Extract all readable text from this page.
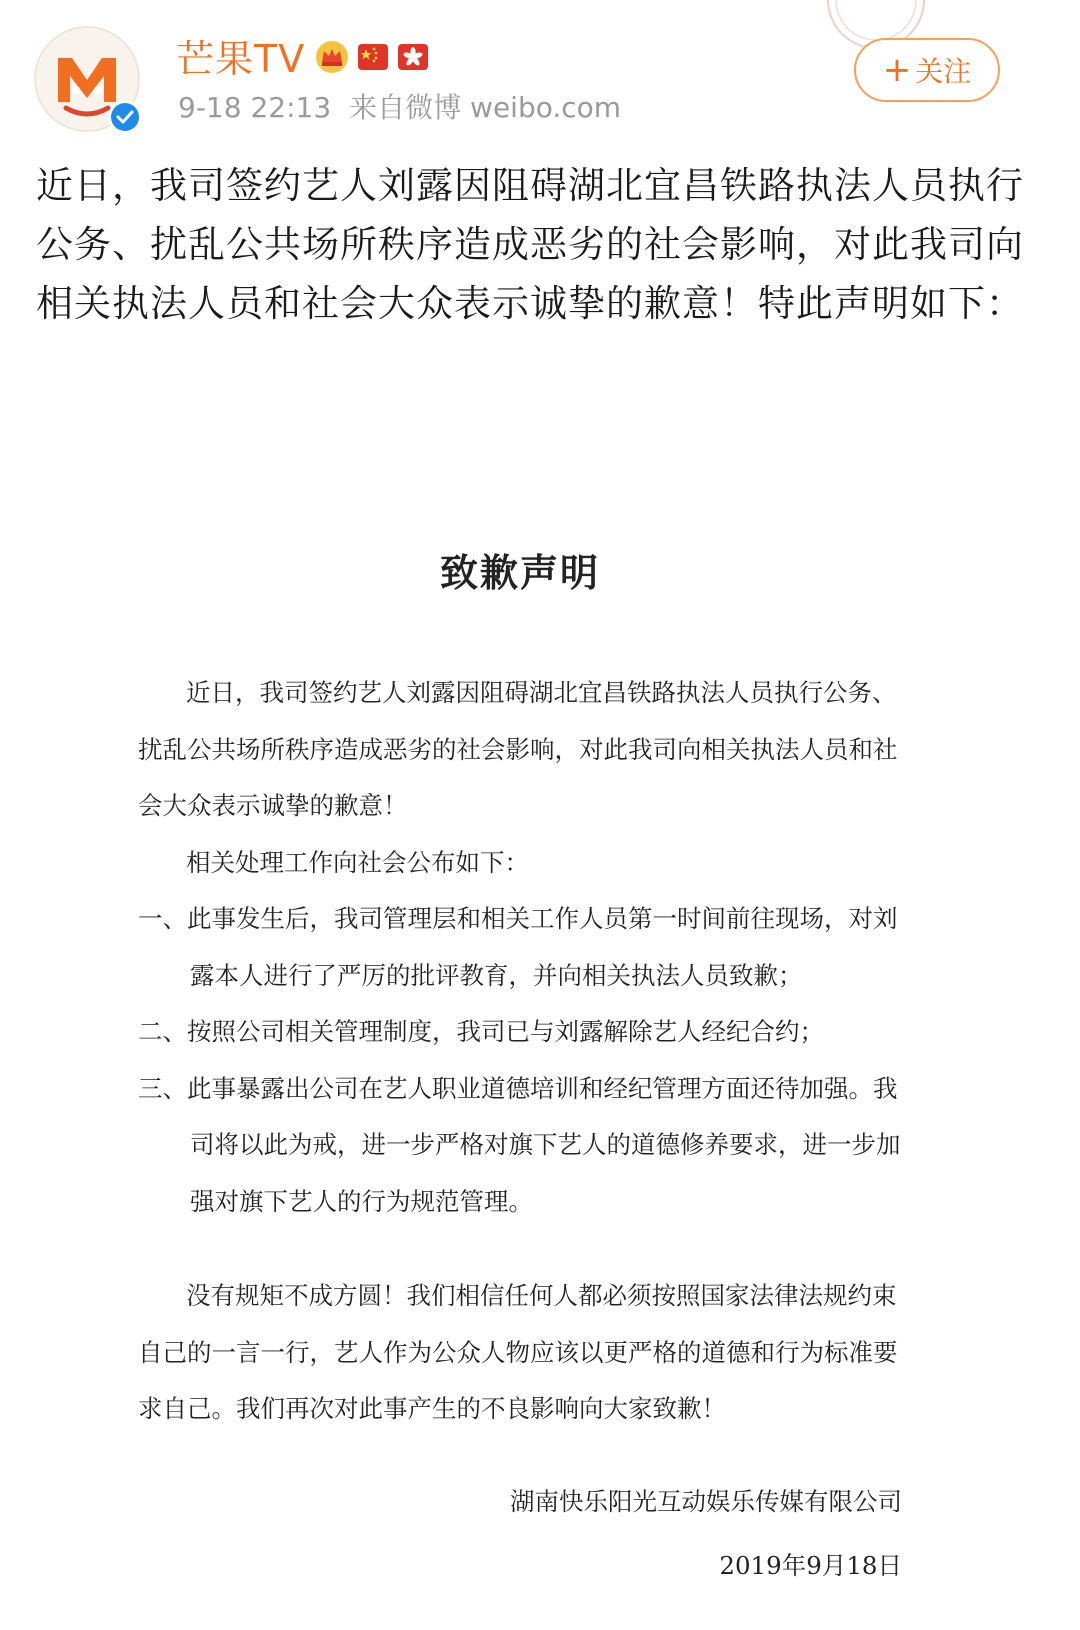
芒果TV
9-18 22:13 来自微博 weibo.com
+ 关注
近日，我司签约艺人刘露因阻碍湖北宜昌铁路执法人员执行公务、扰乱公共场所秩序造成恶劣的社会影响，对此我司向相关执法人员和社会大众表示诚挚的歉意！特此声明如下：
致歉声明

近日，我司签约艺人刘露因阻碍湖北宜昌铁路执法人员执行公务、扰乱公共场所秩序造成恶劣的社会影响，对此我司向相关执法人员和社会大众表示诚挚的歉意！

相关处理工作向社会公布如下：

一、此事发生后，我司管理层和相关工作人员第一时间前往现场，对刘露本人进行了严厉的批评教育，并向相关执法人员致歉；
二、按照公司相关管理制度，我司已与刘露解除艺人经纪合约；
三、此事暴露出公司在艺人职业道德培训和经纪管理方面还待加强。我司将以此为戒，进一步严格对旗下艺人的道德修养要求，进一步加强对旗下艺人的行为规范管理。

没有规矩不成方圆！我们相信任何人都必须按照国家法律法规约束自己的一言一行，艺人作为公众人物应该以更严格的道德和行为标准要求自己。我们再次对此事产生的不良影响向大家致歉！

湖南快乐阳光互动娱乐传媒有限公司
2019年9月18日
